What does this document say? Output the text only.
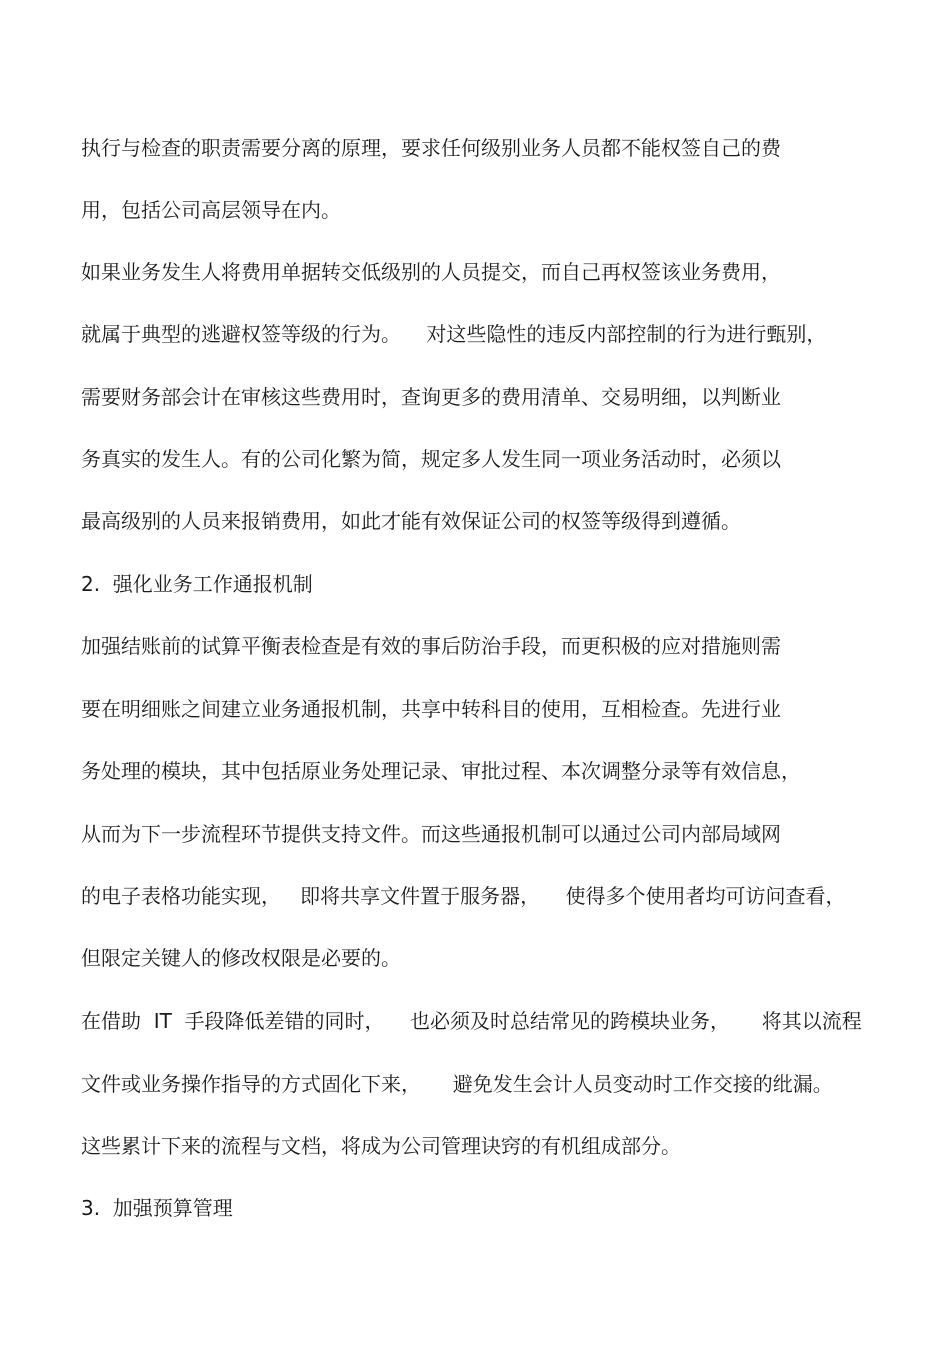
执行与检查的职责需要分离的原理，要求任何级别业务人员都不能权签自己的费
用，包括公司高层领导在内。
如果业务发生人将费用单据转交低级别的人员提交，而自己再权签该业务费用，
就属于典型的逃避权签等级的行为。    对这些隐性的违反内部控制的行为进行甄别，
需要财务部会计在审核这些费用时，查询更多的费用清单、交易明细，以判断业
务真实的发生人。有的公司化繁为简，规定多人发生同一项业务活动时，必须以
最高级别的人员来报销费用，如此才能有效保证公司的权签等级得到遵循。
2.  强化业务工作通报机制
加强结账前的试算平衡表检查是有效的事后防治手段，而更积极的应对措施则需
要在明细账之间建立业务通报机制，共享中转科目的使用，互相检查。先进行业
务处理的模块，其中包括原业务处理记录、审批过程、本次调整分录等有效信息，
从而为下一步流程环节提供支持文件。而这些通报机制可以通过公司内部局域网
的电子表格功能实现，   即将共享文件置于服务器，    使得多个使用者均可访问查看，
但限定关键人的修改权限是必要的。
在借助  IT  手段降低差错的同时，    也必须及时总结常见的跨模块业务，     将其以流程
文件或业务操作指导的方式固化下来，     避免发生会计人员变动时工作交接的纰漏。
这些累计下来的流程与文档，将成为公司管理诀窍的有机组成部分。
3.  加强预算管理
